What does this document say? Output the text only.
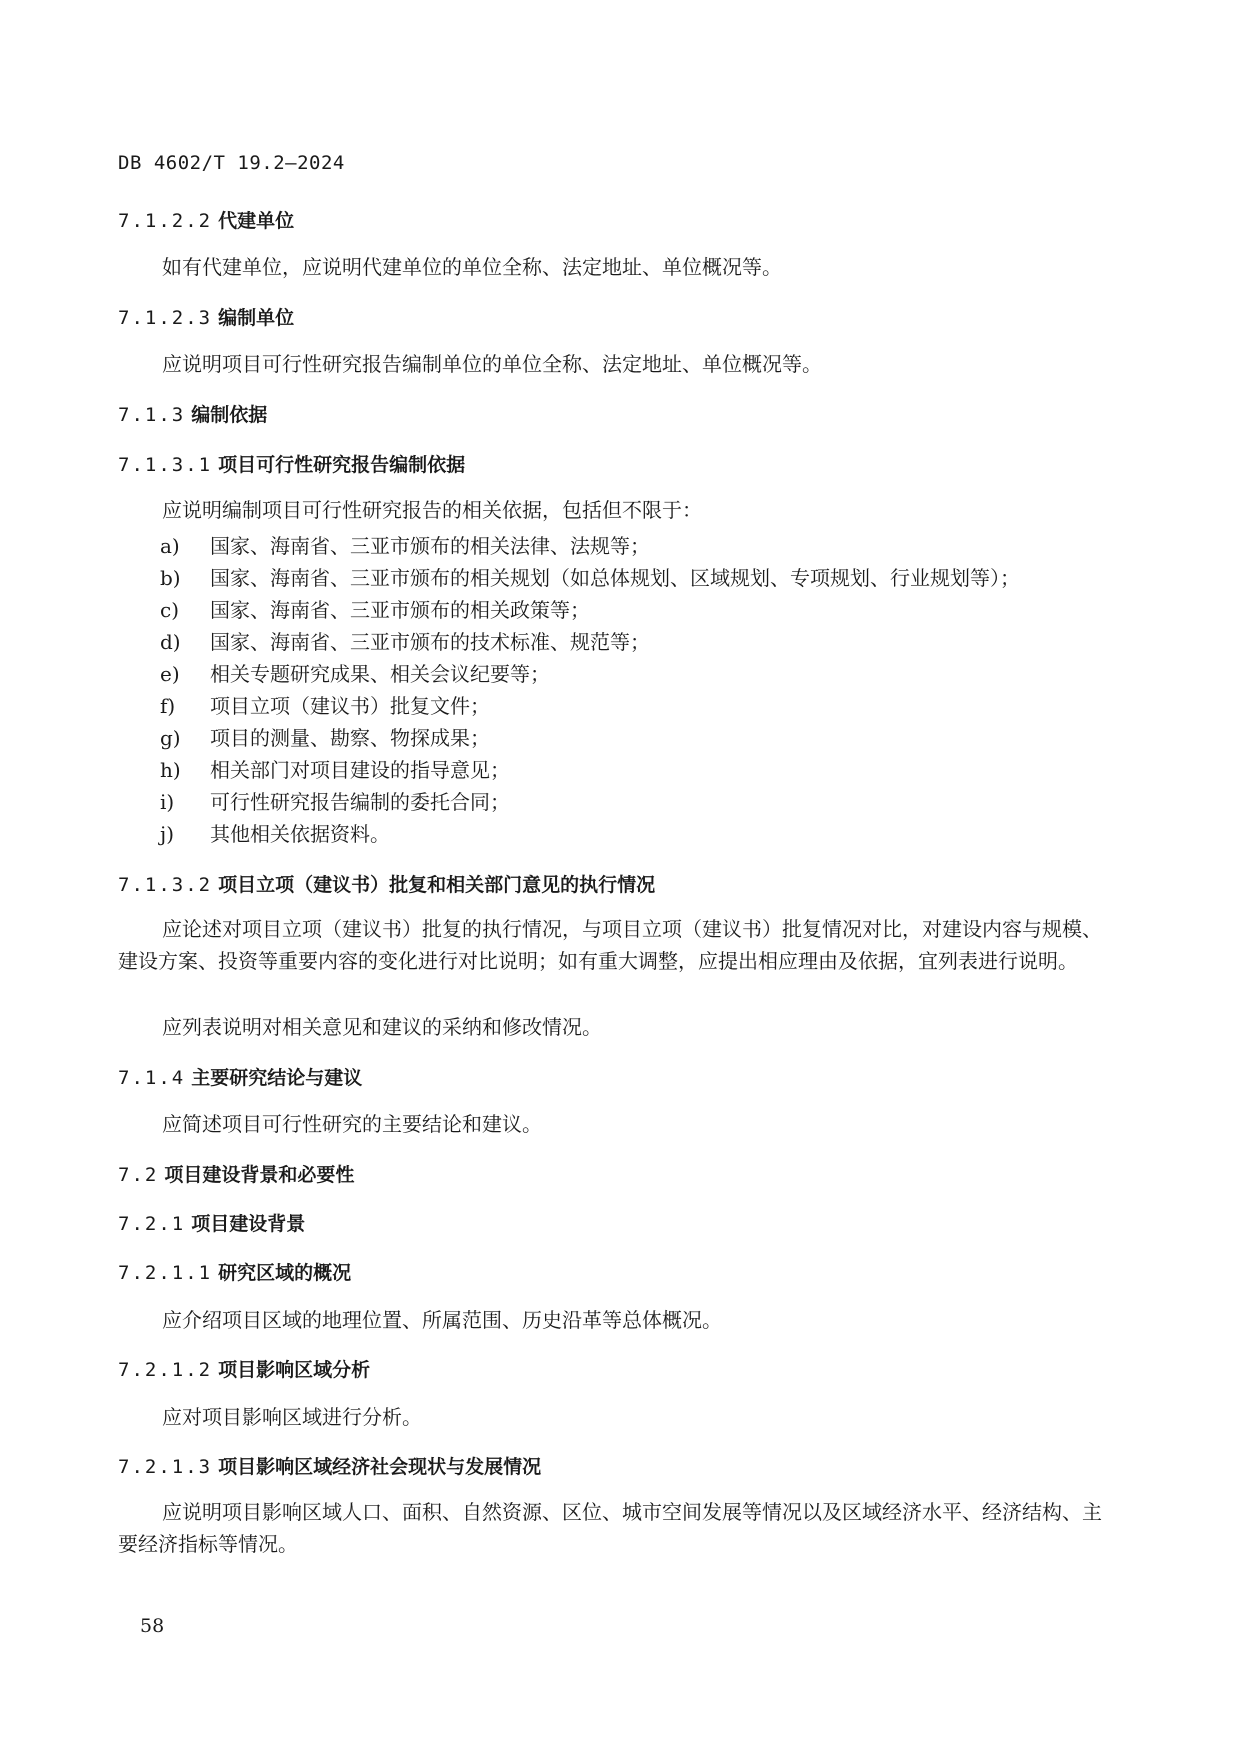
DB 4602/T 19.2—2024
7.1.2.2 代建单位
如有代建单位，应说明代建单位的单位全称、法定地址、单位概况等。
7.1.2.3 编制单位
应说明项目可行性研究报告编制单位的单位全称、法定地址、单位概况等。
7.1.3 编制依据
7.1.3.1 项目可行性研究报告编制依据
应说明编制项目可行性研究报告的相关依据，包括但不限于：
a) 国家、海南省、三亚市颁布的相关法律、法规等；
b) 国家、海南省、三亚市颁布的相关规划（如总体规划、区域规划、专项规划、行业规划等）；
c) 国家、海南省、三亚市颁布的相关政策等；
d) 国家、海南省、三亚市颁布的技术标准、规范等；
e) 相关专题研究成果、相关会议纪要等；
f) 项目立项（建议书）批复文件；
g) 项目的测量、勘察、物探成果；
h) 相关部门对项目建设的指导意见；
i) 可行性研究报告编制的委托合同；
j) 其他相关依据资料。
7.1.3.2 项目立项（建议书）批复和相关部门意见的执行情况
应论述对项目立项（建议书）批复的执行情况，与项目立项（建议书）批复情况对比，对建设内容与规模、建设方案、投资等重要内容的变化进行对比说明；如有重大调整，应提出相应理由及依据，宜列表进行说明。
应列表说明对相关意见和建议的采纳和修改情况。
7.1.4 主要研究结论与建议
应简述项目可行性研究的主要结论和建议。
7.2 项目建设背景和必要性
7.2.1 项目建设背景
7.2.1.1 研究区域的概况
应介绍项目区域的地理位置、所属范围、历史沿革等总体概况。
7.2.1.2 项目影响区域分析
应对项目影响区域进行分析。
7.2.1.3 项目影响区域经济社会现状与发展情况
应说明项目影响区域人口、面积、自然资源、区位、城市空间发展等情况以及区域经济水平、经济结构、主要经济指标等情况。
58
